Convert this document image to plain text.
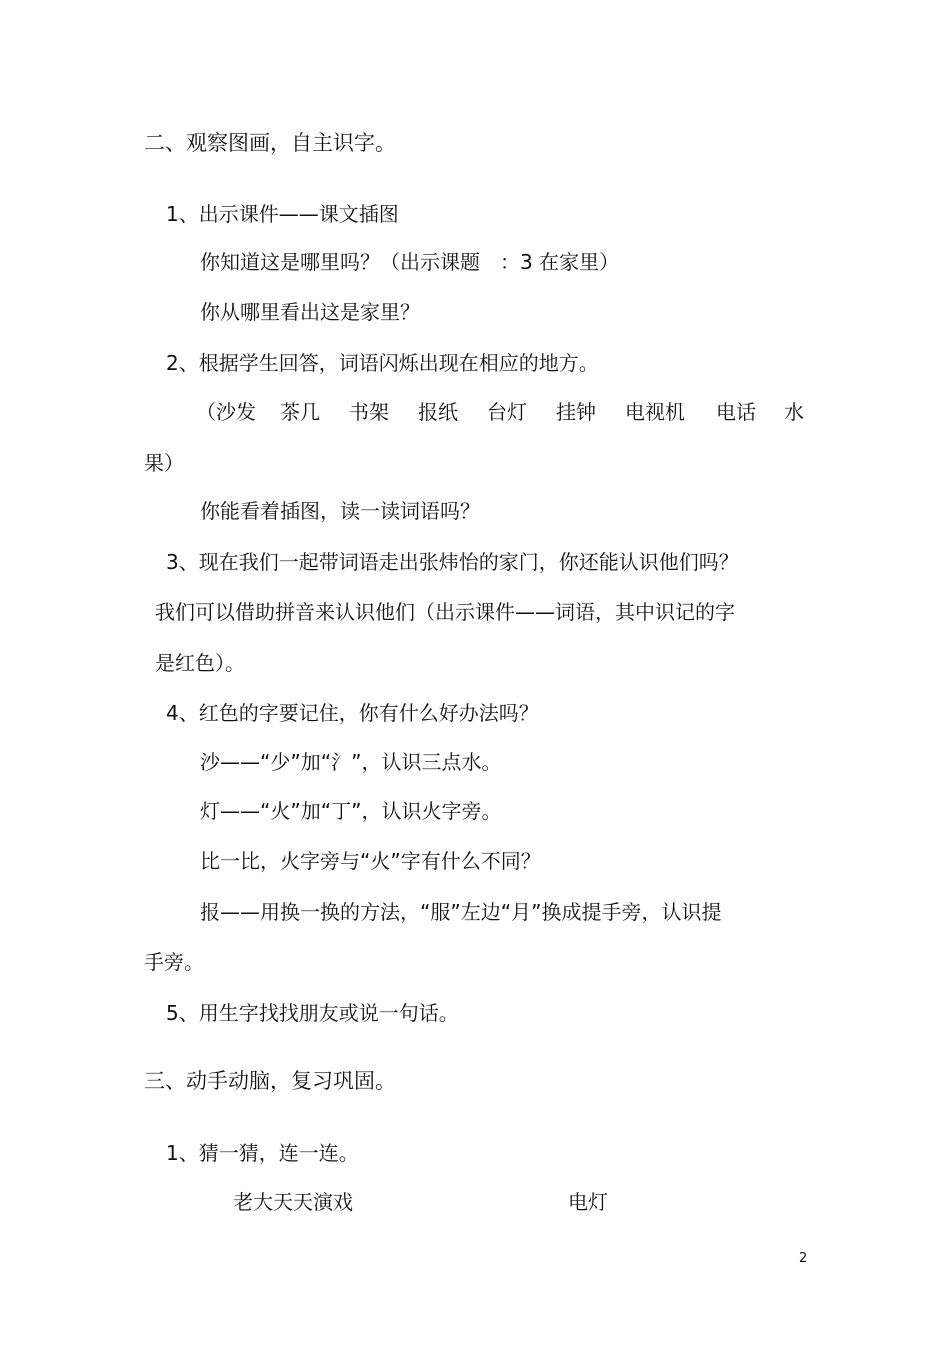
二、观察图画，自主识字。
1、出示课件——课文插图
你知道这是哪里吗？（出示课题　：3 在家里）
你从哪里看出这是家里？
2、根据学生回答，词语闪烁出现在相应的地方。
（沙发 茶几 书架 报纸 台灯 挂钟 电视机 电话 水
果）
你能看着插图，读一读词语吗？
3、现在我们一起带词语走出张炜怡的家门，你还能认识他们吗？
我们可以借助拼音来认识他们（出示课件——词语，其中识记的字
是红色）。
4、红色的字要记住，你有什么好办法吗？
沙——“少”加“氵”，认识三点水。
灯——“火”加“丁”，认识火字旁。
比一比，火字旁与“火”字有什么不同？
报——用换一换的方法，“服”左边“月”换成提手旁，认识提
手旁。
5、用生字找找朋友或说一句话。
三、动手动脑，复习巩固。
1、猜一猜，连一连。
老大天天演戏	电灯
2
